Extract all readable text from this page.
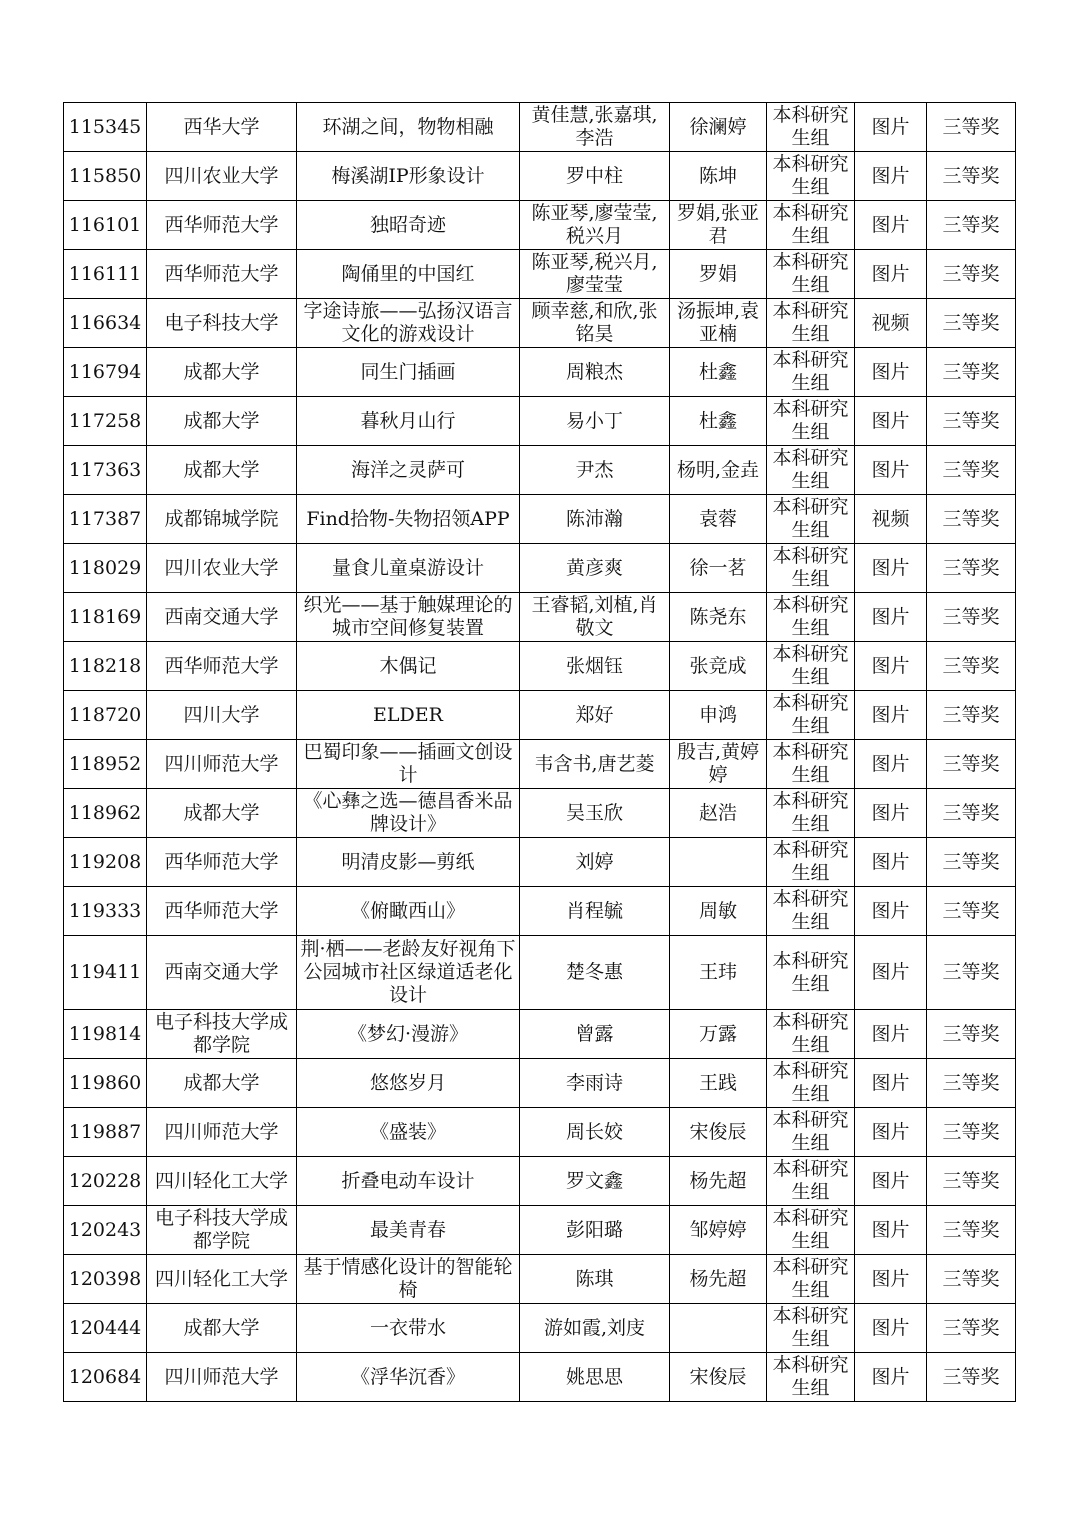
115345	西华大学	环湖之间，物物相融	黄佳慧,张嘉琪,李浩	徐澜婷	本科研究生组	图片	三等奖
115850	四川农业大学	梅溪湖IP形象设计	罗中柱	陈坤	本科研究生组	图片	三等奖
116101	西华师范大学	独昭奇迹	陈亚琴,廖莹莹,税兴月	罗娟,张亚君	本科研究生组	图片	三等奖
116111	西华师范大学	陶俑里的中国红	陈亚琴,税兴月,廖莹莹	罗娟	本科研究生组	图片	三等奖
116634	电子科技大学	字途诗旅——弘扬汉语言文化的游戏设计	顾幸慈,和欣,张铭昊	汤振坤,袁亚楠	本科研究生组	视频	三等奖
116794	成都大学	同生门插画	周粮杰	杜鑫	本科研究生组	图片	三等奖
117258	成都大学	暮秋月山行	易小丁	杜鑫	本科研究生组	图片	三等奖
117363	成都大学	海洋之灵萨可	尹杰	杨明,金垚	本科研究生组	图片	三等奖
117387	成都锦城学院	Find拾物-失物招领APP	陈沛瀚	袁蓉	本科研究生组	视频	三等奖
118029	四川农业大学	量食儿童桌游设计	黄彦爽	徐一茗	本科研究生组	图片	三等奖
118169	西南交通大学	织光——基于触媒理论的城市空间修复装置	王睿韬,刘植,肖敬文	陈尧东	本科研究生组	图片	三等奖
118218	西华师范大学	木偶记	张烟钰	张竞成	本科研究生组	图片	三等奖
118720	四川大学	ELDER	郑好	申鸿	本科研究生组	图片	三等奖
118952	四川师范大学	巴蜀印象——插画文创设计	韦含书,唐艺菱	殷吉,黄婷婷	本科研究生组	图片	三等奖
118962	成都大学	《心彝之选—德昌香米品牌设计》	吴玉欣	赵浩	本科研究生组	图片	三等奖
119208	西华师范大学	明清皮影—剪纸	刘婷		本科研究生组	图片	三等奖
119333	西华师范大学	《俯瞰西山》	肖程毓	周敏	本科研究生组	图片	三等奖
119411	西南交通大学	荆·栖——老龄友好视角下公园城市社区绿道适老化设计	楚冬惠	王玮	本科研究生组	图片	三等奖
119814	电子科技大学成都学院	《梦幻·漫游》	曾露	万露	本科研究生组	图片	三等奖
119860	成都大学	悠悠岁月	李雨诗	王践	本科研究生组	图片	三等奖
119887	四川师范大学	《盛装》	周长姣	宋俊辰	本科研究生组	图片	三等奖
120228	四川轻化工大学	折叠电动车设计	罗文鑫	杨先超	本科研究生组	图片	三等奖
120243	电子科技大学成都学院	最美青春	彭阳璐	邹婷婷	本科研究生组	图片	三等奖
120398	四川轻化工大学	基于情感化设计的智能轮椅	陈琪	杨先超	本科研究生组	图片	三等奖
120444	成都大学	一衣带水	游如霞,刘庋		本科研究生组	图片	三等奖
120684	四川师范大学	《浮华沉香》	姚思思	宋俊辰	本科研究生组	图片	三等奖
